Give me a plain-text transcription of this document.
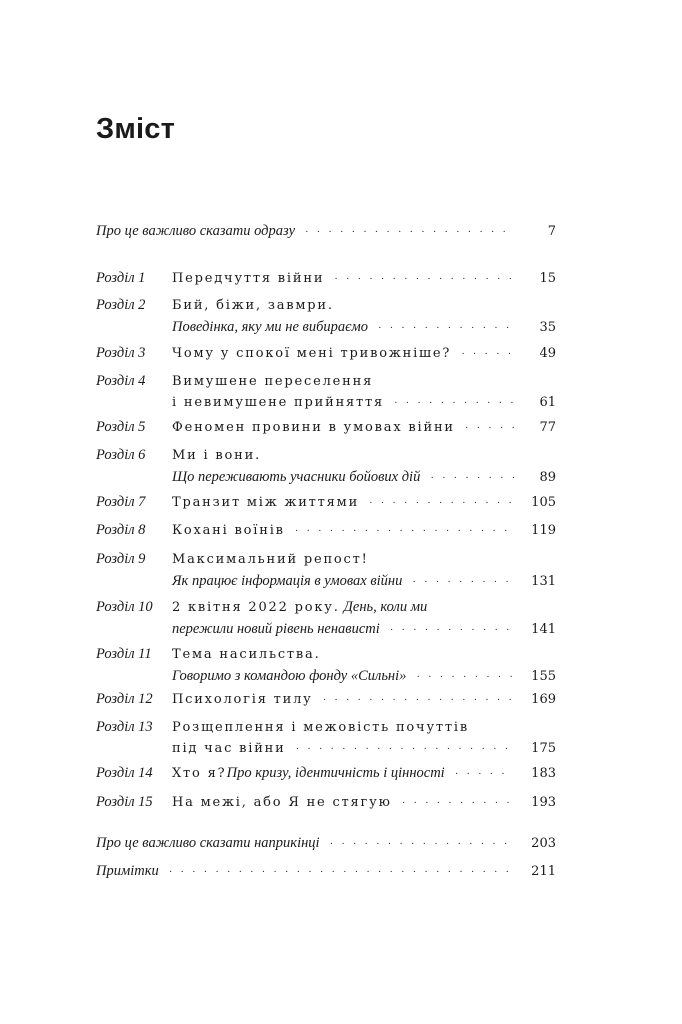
Зміст
Про це важливо сказати одразу · · ·	7
Розділ 1	Передчуття війни · · ·	15
Розділ 2	Бий, біжи, завмри.
Поведінка, яку ми не вибираємо · · ·	35
Розділ 3	Чому у спокої мені тривожніше? · · ·	49
Розділ 4	Вимушене переселення
і невимушене прийняття · · ·	61
Розділ 5	Феномен провини в умовах війни · · ·	77
Розділ 6	Ми і вони.
Що переживають учасники бойових дій · · ·	89
Розділ 7	Транзит між життями · · ·	105
Розділ 8	Кохані воїнів · · ·	119
Розділ 9	Максимальний репост!
Як працює інформація в умовах війни · · ·	131
Розділ 10	2 квітня 2022 року. День, коли ми
пережили новий рівень ненависті · · ·	141
Розділ 11	Тема насильства.
Говоримо з командою фонду «Сильні» · · ·	155
Розділ 12	Психологія тилу · · ·	169
Розділ 13	Розщеплення і межовість почуттів
під час війни · · ·	175
Розділ 14	Хто я? Про кризу, ідентичність і цінності · · ·	183
Розділ 15	На межі, або Я не стягую · · ·	193
Про це важливо сказати наприкінці · · ·	203
Примітки · · ·	211
